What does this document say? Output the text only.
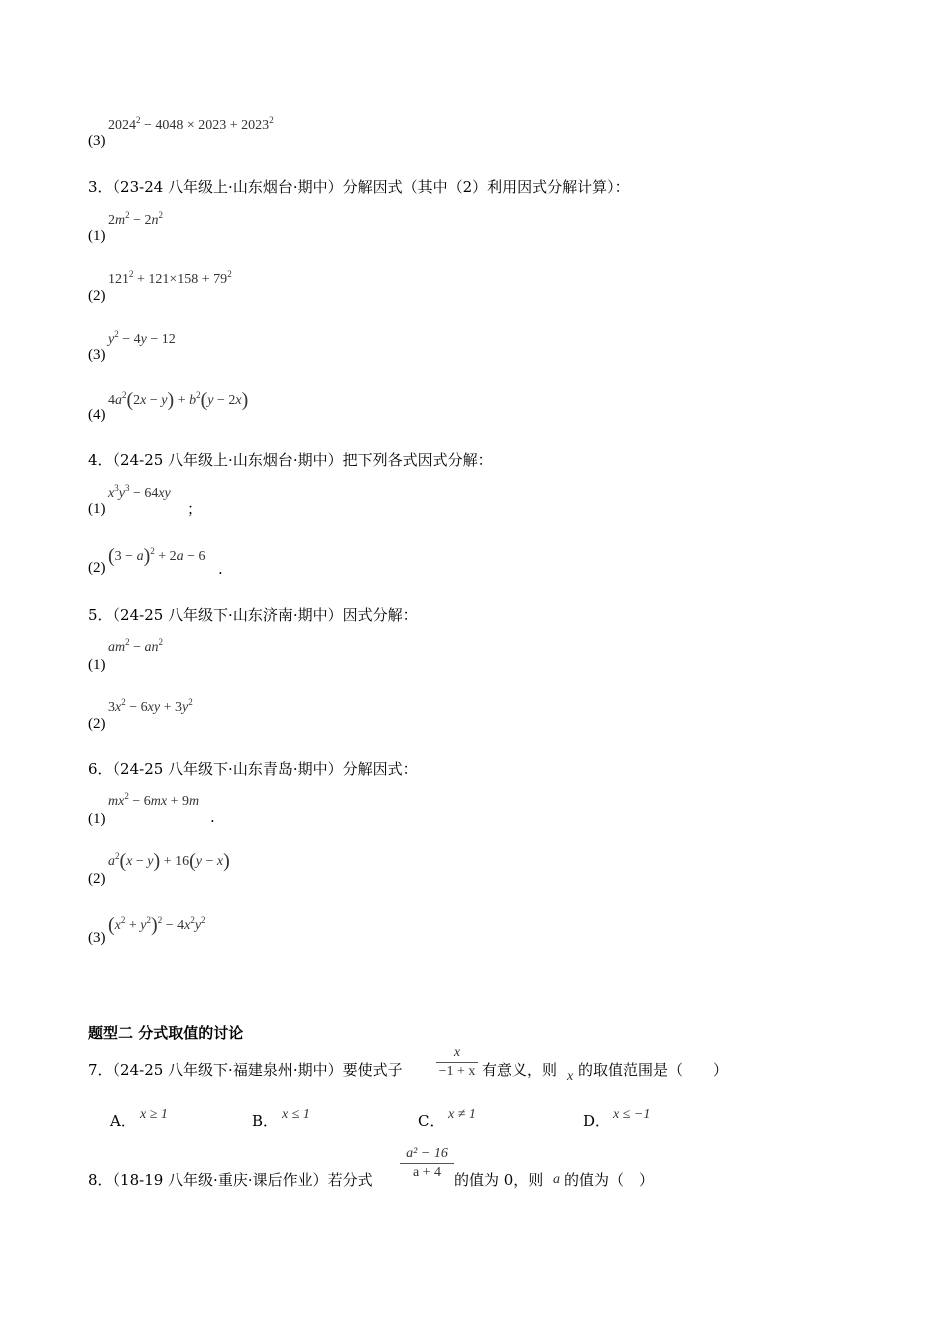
(3)
$2024^2 - 4048 \times 2023 + 2023^2$
3．（23-24 八年级上·山东烟台·期中）分解因式（其中（2）利用因式分解计算）：
(1)
$2m^2 - 2n^2$
(2)
$121^2 + 121\times 158 + 79^2$
(3)
$y^2 - 4y - 12$
(4)
$4a^2(2x - y) + b^2(y - 2x)$
4．（24-25 八年级上·山东烟台·期中）把下列各式因式分解：
(1)
$x^3y^3 - 64xy$
；
(2)
$(3 - a)^2 + 2a - 6$
.
5．（24-25 八年级下·山东济南·期中）因式分解：
(1)
$am^2 - an^2$
(2)
$3x^2 - 6xy + 3y^2$
6．（24-25 八年级下·山东青岛·期中）分解因式：
(1)
$mx^2 - 6mx + 9m$
.
(2)
$a^2(x - y) + 16(y - x)$
(3)
$(x^2 + y^2)^2 - 4x^2y^2$
题型二 分式取值的讨论
7．（24-25 八年级下·福建泉州·期中）要使式子
x
−1 + x 有意义，则 x 的取值范围是（　　）
A． x ≥ 1	B． x ≤ 1	C． x ≠ 1	D． x ≤ −1
8．（18-19 八年级·重庆·课后作业）若分式
a² − 16
a + 4 的值为 0，则 a 的值为（　）
